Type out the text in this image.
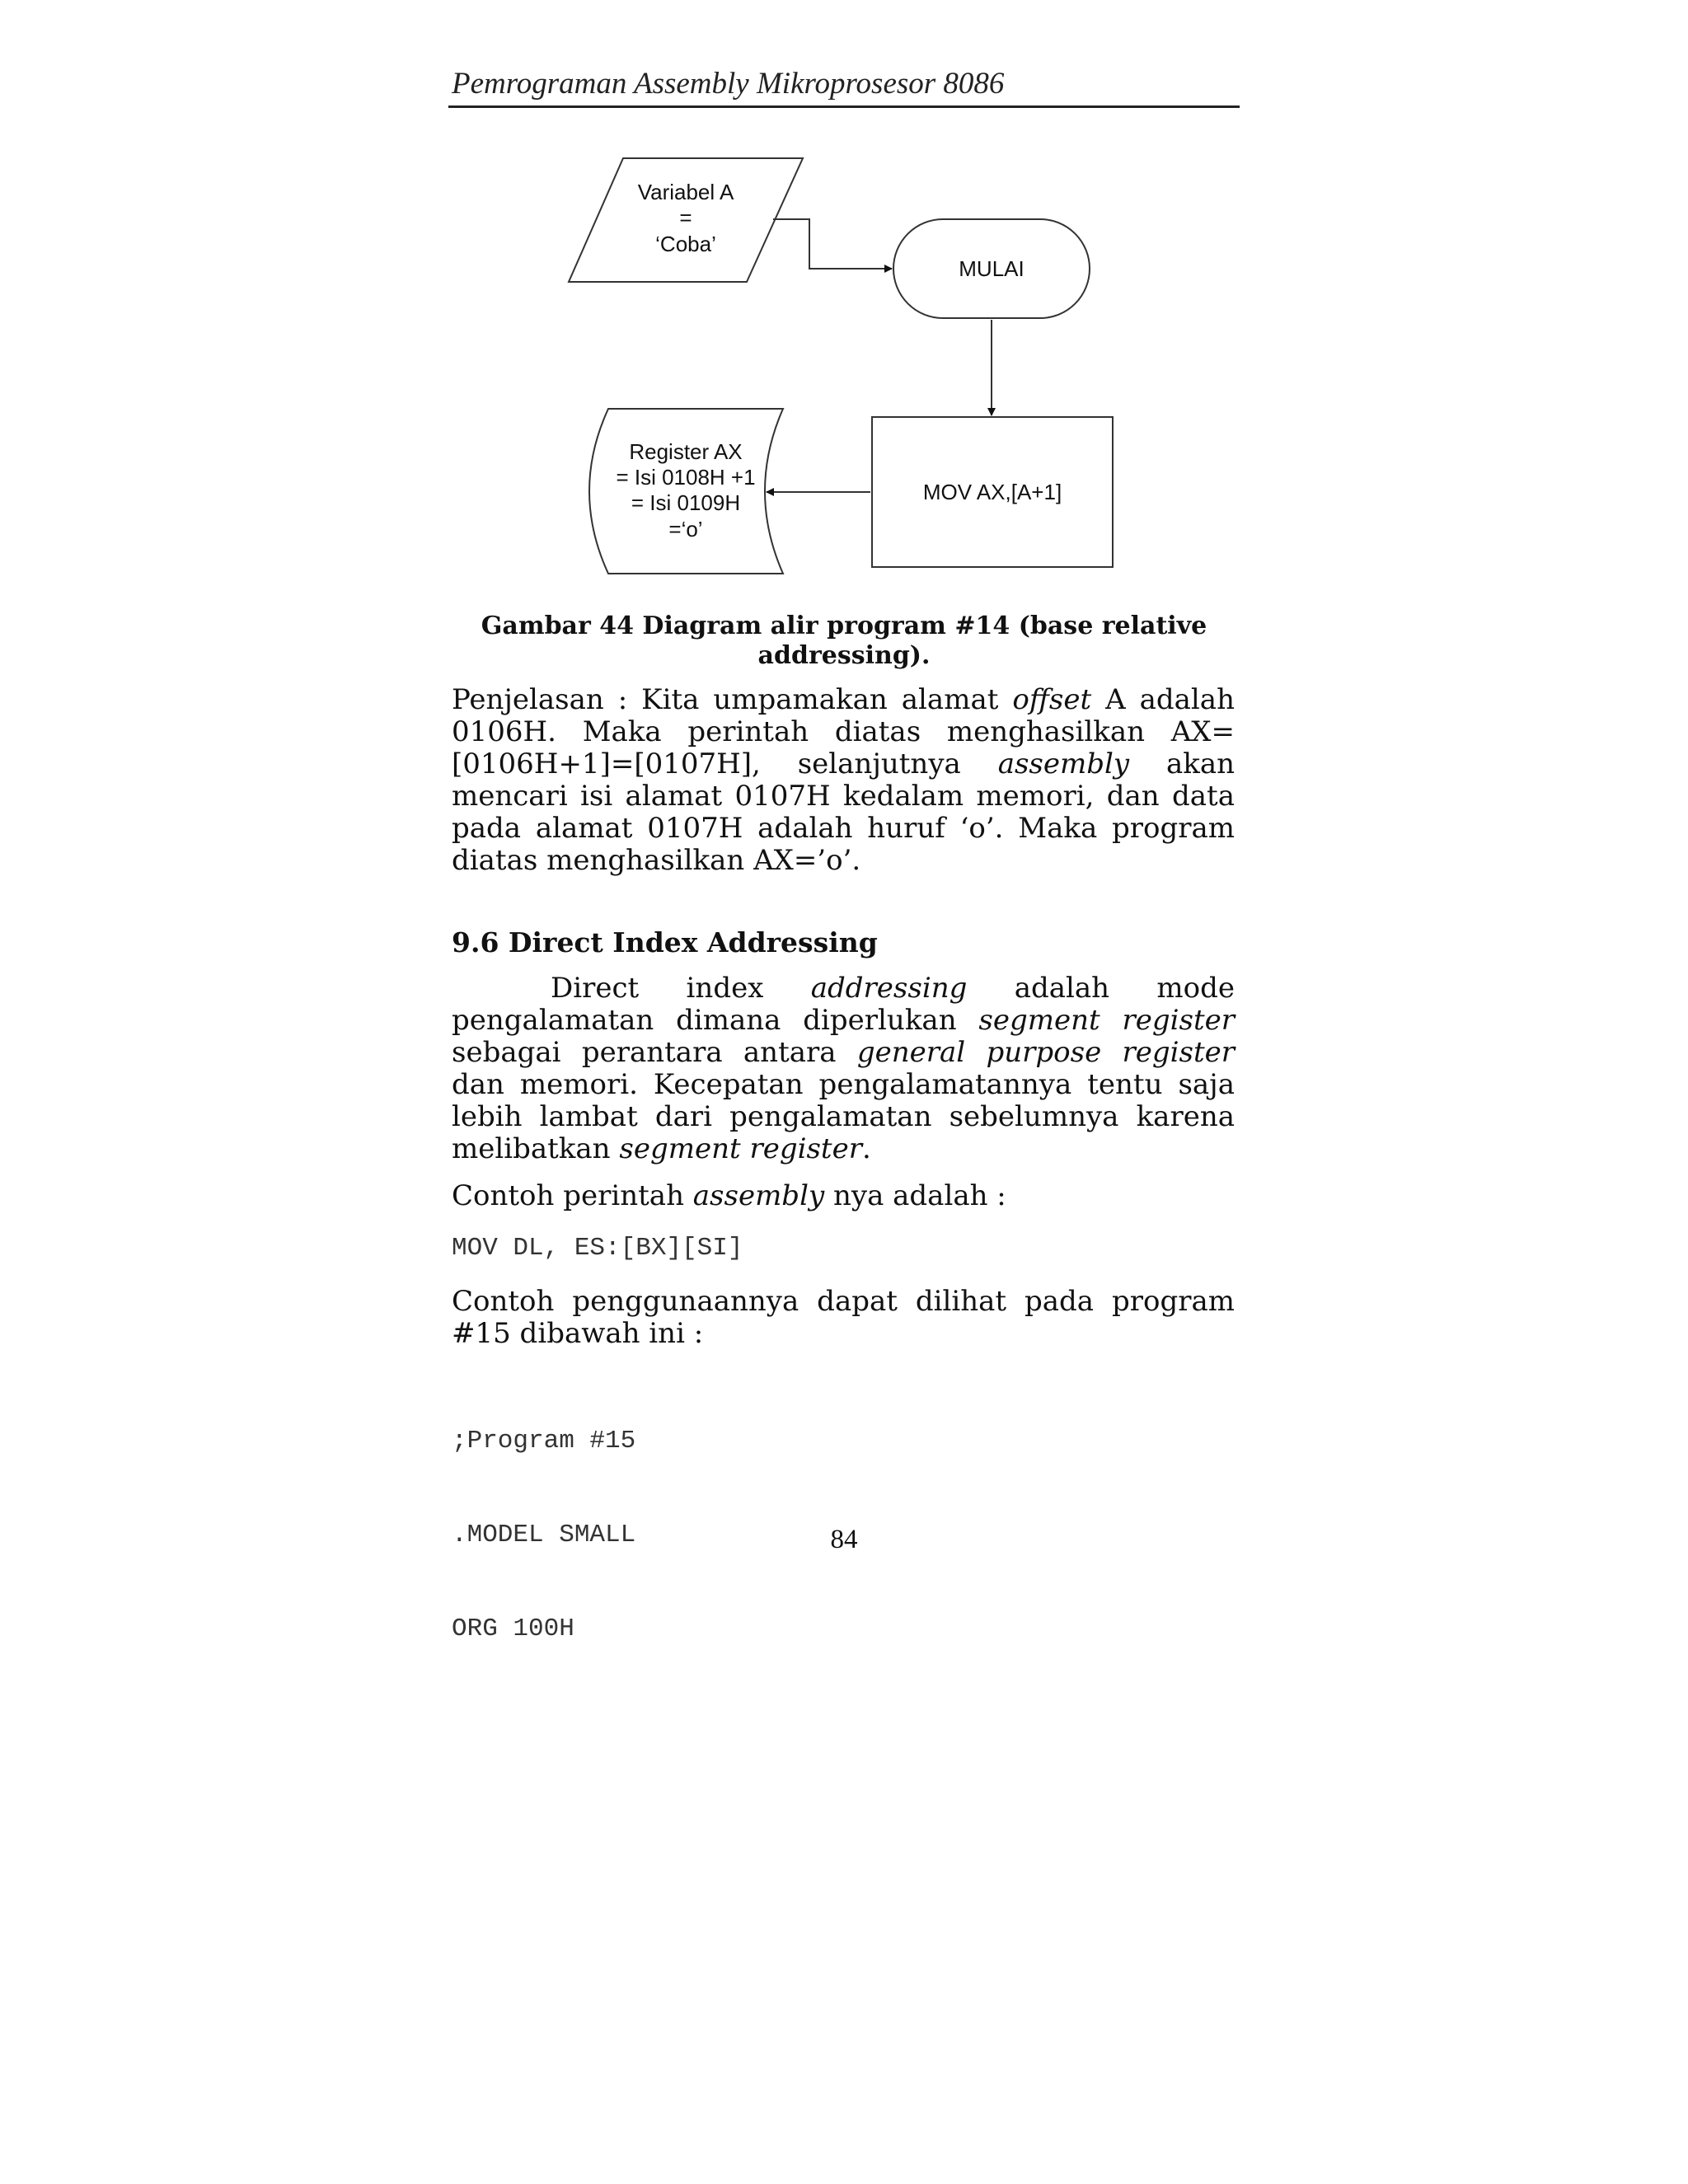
Pemrograman Assembly Mikroprosesor 8086
Variabel A
=
‘Coba’
MULAI
MOV AX,[A+1]
Register AX
= Isi 0108H +1
= Isi 0109H
=‘o’
Gambar 44 Diagram alir program #14 (base relative
addressing).
Penjelasan : Kita umpamakan alamat offset A adalah 0106H. Maka perintah diatas menghasilkan AX=[0106H+1]=[0107H], selanjutnya assembly akan mencari isi alamat 0107H kedalam memori, dan data pada alamat 0107H adalah huruf ‘o’. Maka program diatas menghasilkan AX=’o’.
9.6 Direct Index Addressing
Direct index addressing adalah mode pengalamatan dimana diperlukan segment register sebagai perantara antara general purpose register dan memori. Kecepatan pengalamatannya tentu saja lebih lambat dari pengalamatan sebelumnya karena melibatkan segment register.
Contoh perintah assembly nya adalah :
MOV DL, ES:[BX][SI]
Contoh penggunaannya dapat dilihat pada program #15 dibawah ini :

;Program #15

.MODEL SMALL

ORG 100H

84
